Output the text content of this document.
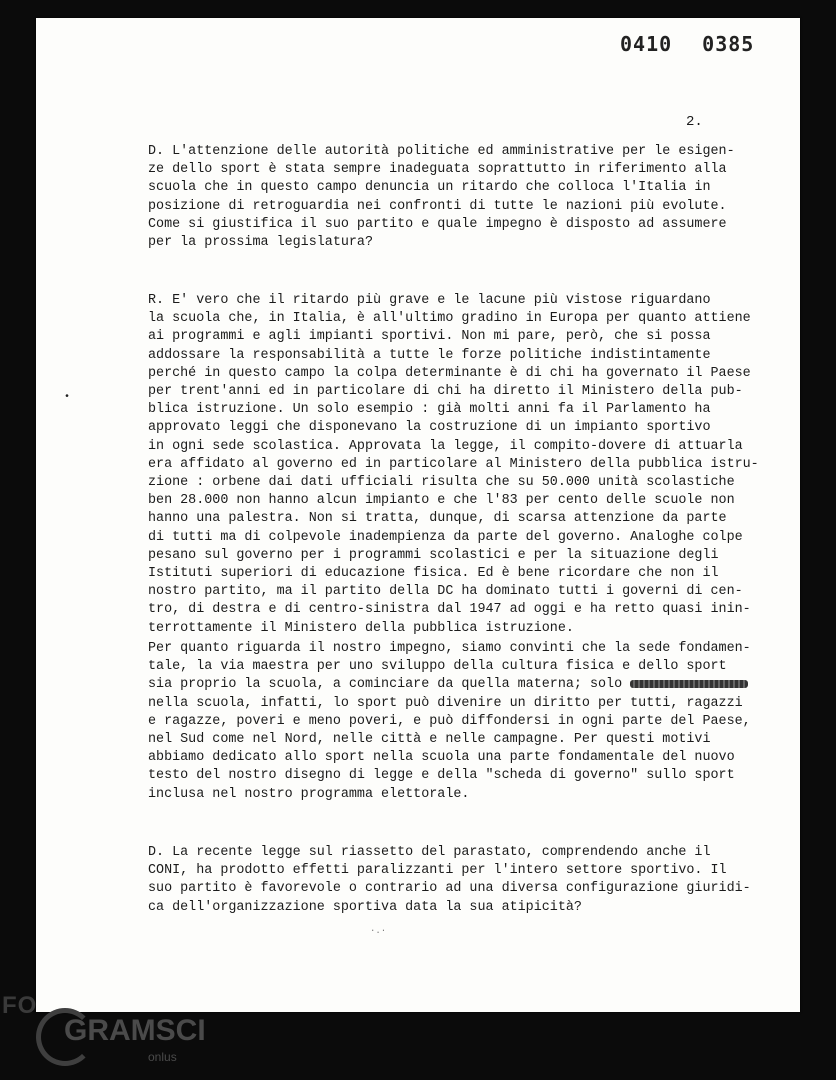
0410 0385
2.
D. L'attenzione delle autorità politiche ed amministrative per le esigen-
ze dello sport è stata sempre inadeguata soprattutto in riferimento alla
scuola che in questo campo denuncia un ritardo che colloca l'Italia in
posizione di retroguardia nei confronti di tutte le nazioni più evolute.
Come si giustifica il suo partito e quale impegno è disposto ad assumere
per la prossima legislatura?
R. E' vero che il ritardo più grave e le lacune più vistose riguardano
la scuola che, in Italia, è all'ultimo gradino in Europa per quanto attiene
ai programmi e agli impianti sportivi. Non mi pare, però, che si possa
addossare la responsabilità a tutte le forze politiche indistintamente
perché in questo campo la colpa determinante è di chi ha governato il Paese
per trent'anni ed in particolare di chi ha diretto il Ministero della pub-
blica istruzione. Un solo esempio : già molti anni fa il Parlamento ha
approvato leggi che disponevano la costruzione di un impianto sportivo
in ogni sede scolastica. Approvata la legge, il compito-dovere di attuarla
era affidato al governo ed in particolare al Ministero della pubblica istru-
zione : orbene dai dati ufficiali risulta che su 50.000 unità scolastiche
ben 28.000 non hanno alcun impianto e che l'83 per cento delle scuole non
hanno una palestra. Non si tratta, dunque, di scarsa attenzione da parte
di tutti ma di colpevole inadempienza da parte del governo. Analoghe colpe
pesano sul governo per i programmi scolastici e per la situazione degli
Istituti superiori di educazione fisica. Ed è bene ricordare che non il
nostro partito, ma il partito della DC ha dominato tutti i governi di cen-
tro, di destra e di centro-sinistra dal 1947 ad oggi e ha retto quasi inin-
terrottamente il Ministero della pubblica istruzione.
Per quanto riguarda il nostro impegno, siamo convinti che la sede fondamen-
tale, la via maestra per uno sviluppo della cultura fisica e dello sport
sia proprio la scuola, a cominciare da quella materna; solo
nella scuola, infatti, lo sport può divenire un diritto per tutti, ragazzi
e ragazze, poveri e meno poveri, e può diffondersi in ogni parte del Paese,
nel Sud come nel Nord, nelle città e nelle campagne. Per questi motivi
abbiamo dedicato allo sport nella scuola una parte fondamentale del nuovo
testo del nostro disegno di legge e della "scheda di governo" sullo sport
inclusa nel nostro programma elettorale.
D. La recente legge sul riassetto del parastato, comprendendo anche il
CONI, ha prodotto effetti paralizzanti per l'intero settore sportivo. Il
suo partito è favorevole o contrario ad una diversa configurazione giuridi-
ca dell'organizzazione sportiva data la sua atipicità?
•
·.·
FO
GRAMSCI
onlus
